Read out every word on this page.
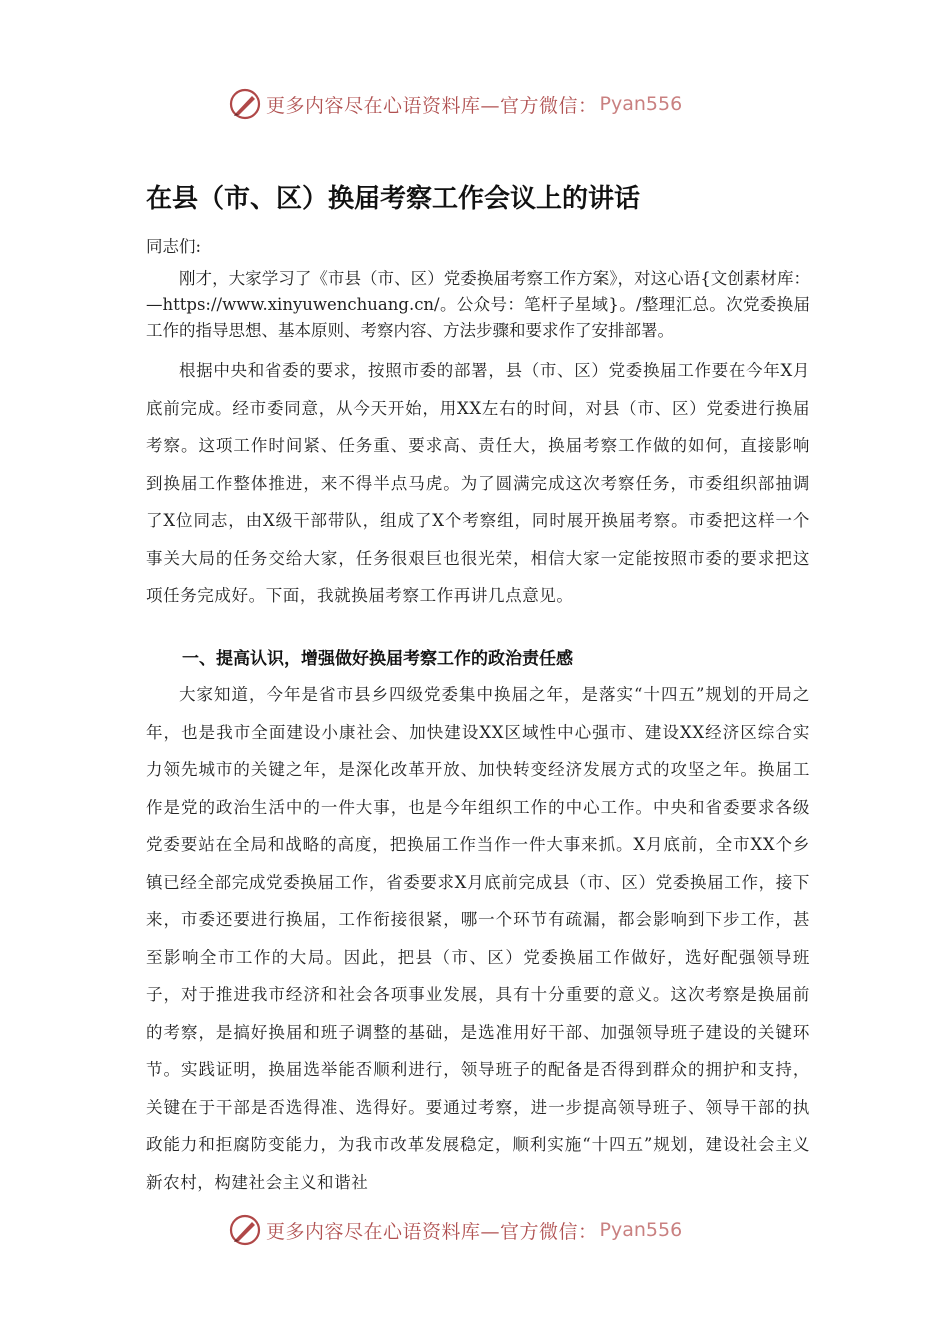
更多内容尽在心语资料库—官方微信： Pyan556
在县（市、区）换届考察工作会议上的讲话

同志们:

刚才，大家学习了《市县（市、区）党委换届考察工作方案》，对这心语{文创素材库：—https://www.xinyuwenchuang.cn/。公众号：笔杆子星域}。/整理汇总。次党委换届工作的指导思想、基本原则、考察内容、方法步骤和要求作了安排部署。

根据中央和省委的要求，按照市委的部署，县（市、区）党委换届工作要在今年X月底前完成。经市委同意，从今天开始，用XX左右的时间，对县（市、区）党委进行换届考察。这项工作时间紧、任务重、要求高、责任大，换届考察工作做的如何，直接影响到换届工作整体推进，来不得半点马虎。为了圆满完成这次考察任务，市委组织部抽调了X位同志，由X级干部带队，组成了X个考察组，同时展开换届考察。市委把这样一个事关大局的任务交给大家，任务很艰巨也很光荣，相信大家一定能按照市委的要求把这项任务完成好。下面，我就换届考察工作再讲几点意见。

一、提高认识，增强做好换届考察工作的政治责任感

大家知道，今年是省市县乡四级党委集中换届之年，是落实“十四五”规划的开局之年，也是我市全面建设小康社会、加快建设XX区域性中心强市、建设XX经济区综合实力领先城市的关键之年，是深化改革开放、加快转变经济发展方式的攻坚之年。换届工作是党的政治生活中的一件大事，也是今年组织工作的中心工作。中央和省委要求各级党委要站在全局和战略的高度，把换届工作当作一件大事来抓。X月底前，全市XX个乡镇已经全部完成党委换届工作，省委要求X月底前完成县（市、区）党委换届工作，接下来，市委还要进行换届，工作衔接很紧，哪一个环节有疏漏，都会影响到下步工作，甚至影响全市工作的大局。因此，把县（市、区）党委换届工作做好，选好配强领导班子，对于推进我市经济和社会各项事业发展，具有十分重要的意义。这次考察是换届前的考察，是搞好换届和班子调整的基础，是选准用好干部、加强领导班子建设的关键环节。实践证明，换届选举能否顺利进行，领导班子的配备是否得到群众的拥护和支持，关键在于干部是否选得准、选得好。要通过考察，进一步提高领导班子、领导干部的执政能力和拒腐防变能力，为我市改革发展稳定，顺利实施“十四五”规划，建设社会主义新农村，构建社会主义和谐社

更多内容尽在心语资料库—官方微信： Pyan556
